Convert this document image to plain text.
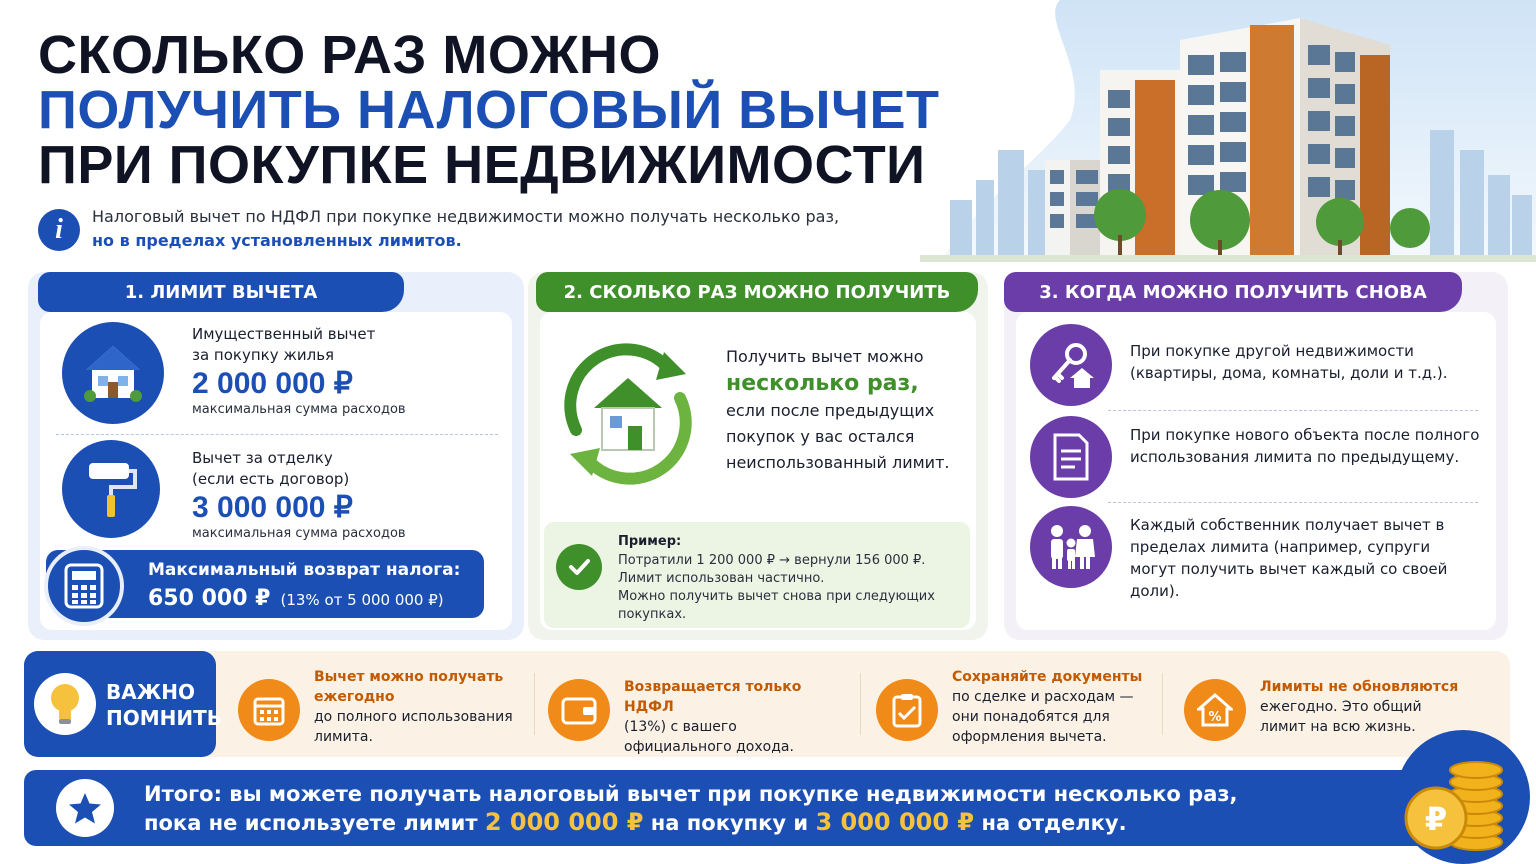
СКОЛЬКО РАЗ МОЖНО
ПОЛУЧИТЬ НАЛОГОВЫЙ ВЫЧЕТ
ПРИ ПОКУПКЕ НЕДВИЖИМОСТИ
i	Налоговый вычет по НДФЛ при покупке недвижимости можно получать несколько раз,
но в пределах установленных лимитов.
1. ЛИМИТ ВЫЧЕТА
Имущественный вычет
за покупку жилья
2 000 000 ₽
максимальная сумма расходов
Вычет за отделку
(если есть договор)
3 000 000 ₽
максимальная сумма расходов
Максимальный возврат налога:
650 000 ₽ (13% от 5 000 000 ₽)
2. СКОЛЬКО РАЗ МОЖНО ПОЛУЧИТЬ
Получить вычет можно
несколько раз,
если после предыдущих покупок у вас остался неиспользованный лимит.
Пример:
Потратили 1 200 000 ₽ → вернули 156 000 ₽.
Лимит использован частично.
Можно получить вычет снова при следующих покупках.
3. КОГДА МОЖНО ПОЛУЧИТЬ СНОВА
При покупке другой недвижимости (квартиры, дома, комнаты, доли и т.д.).
При покупке нового объекта после полного использования лимита по предыдущему.
Каждый собственник получает вычет в пределах лимита (например, супруги могут получить вычет каждый со своей доли).
ВАЖНО ПОМНИТЬ
Вычет можно получать ежегодно
до полного использования лимита.
Возвращается только НДФЛ
(13%) с вашего официального дохода.
Сохраняйте документы
по сделке и расходам — они понадобятся для оформления вычета.
%
Лимиты не обновляются
ежегодно. Это общий лимит на всю жизнь.
Итого: вы можете получать налоговый вычет при покупке недвижимости несколько раз,
пока не используете лимит 2 000 000 ₽ на покупку и 3 000 000 ₽ на отделку.	₽
